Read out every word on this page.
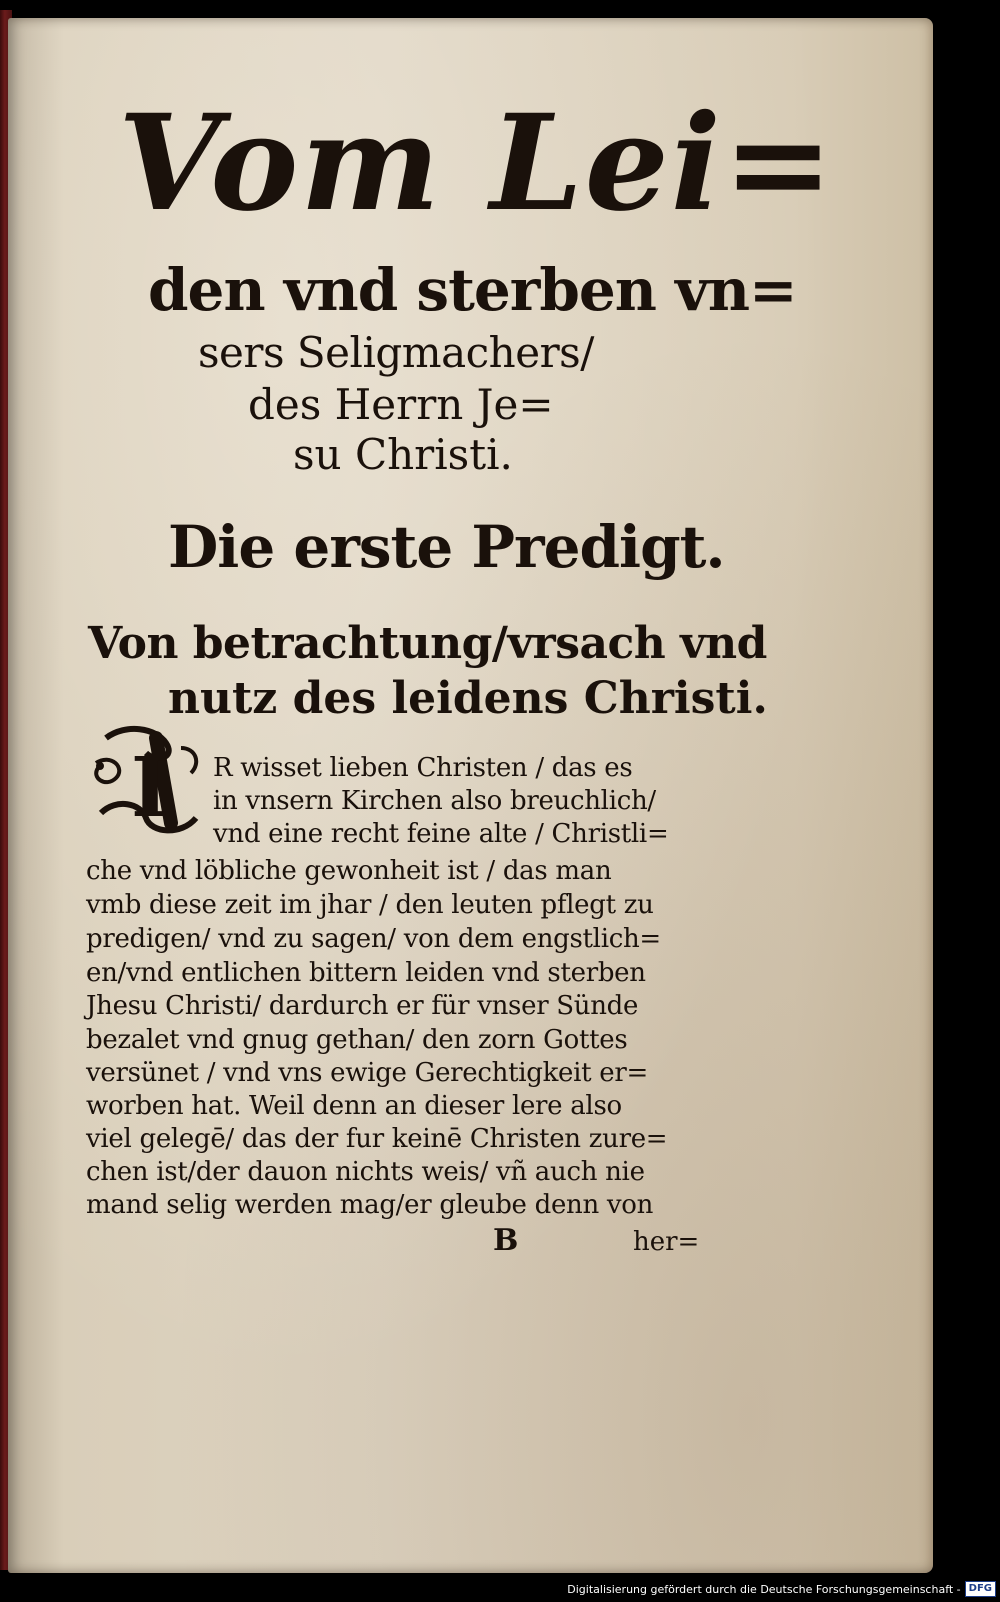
Vom Lei=
den vnd sterben vn=
sers Seligmachers/
des Herrn Je=
su Christi.
Die erste Predigt.
Von betrachtung/vrsach vnd
nutz des leidens Christi.
I R wisset lieben Christen / das es
in vnsern Kirchen also breuchlich/
vnd eine recht feine alte / Christli=
che vnd löbliche gewonheit ist / das man
vmb diese zeit im jhar / den leuten pflegt zu
predigen/ vnd zu sagen/ von dem engstlich=
en/vnd entlichen bittern leiden vnd sterben
Jhesu Christi/ dardurch er für vnser Sünde
bezalet vnd gnug gethan/ den zorn Gottes
versünet / vnd vns ewige Gerechtigkeit er=
worben hat. Weil denn an dieser lere also
viel gelegē/ das der fur keinē Christen zure=
chen ist/der dauon nichts weis/ vñ auch nie
mand selig werden mag/er gleube denn von
B	her=
Digitalisierung gefördert durch die Deutsche Forschungsgemeinschaft - DFG
